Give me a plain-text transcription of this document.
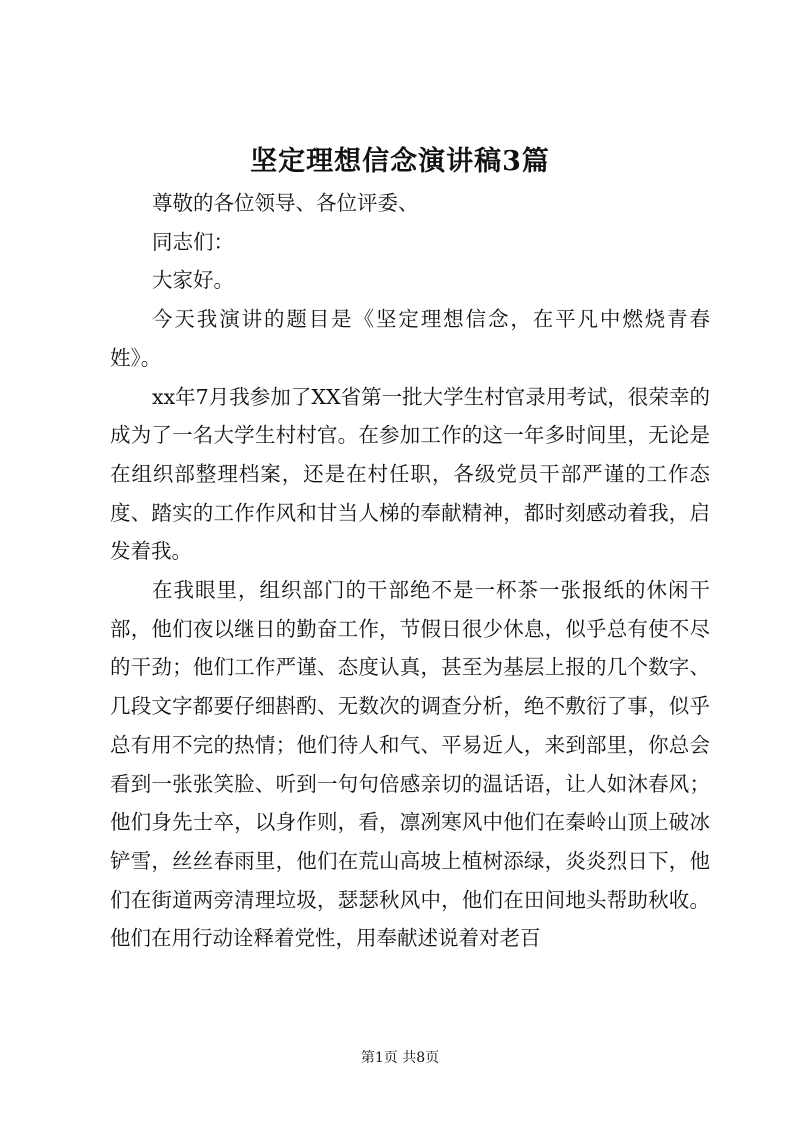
坚定理想信念演讲稿3篇

尊敬的各位领导、各位评委、

同志们：

大家好。

今天我演讲的题目是《坚定理想信念，在平凡中燃烧青春姓》。

xx年7月我参加了XX省第一批大学生村官录用考试，很荣幸的成为了一名大学生村村官。在参加工作的这一年多时间里，无论是在组织部整理档案，还是在村任职，各级党员干部严谨的工作态度、踏实的工作作风和甘当人梯的奉献精神，都时刻感动着我，启发着我。

在我眼里，组织部门的干部绝不是一杯茶一张报纸的休闲干部，他们夜以继日的勤奋工作，节假日很少休息，似乎总有使不尽的干劲；他们工作严谨、态度认真，甚至为基层上报的几个数字、几段文字都要仔细斟酌、无数次的调查分析，绝不敷衍了事，似乎总有用不完的热情；他们待人和气、平易近人，来到部里，你总会看到一张张笑脸、听到一句句倍感亲切的温话语，让人如沐春风；他们身先士卒，以身作则，看，凛冽寒风中他们在秦岭山顶上破冰铲雪，丝丝春雨里，他们在荒山高坡上植树添绿，炎炎烈日下，他们在街道两旁清理垃圾，瑟瑟秋风中，他们在田间地头帮助秋收。他们在用行动诠释着党性，用奉献述说着对老百

第1页 共8页
